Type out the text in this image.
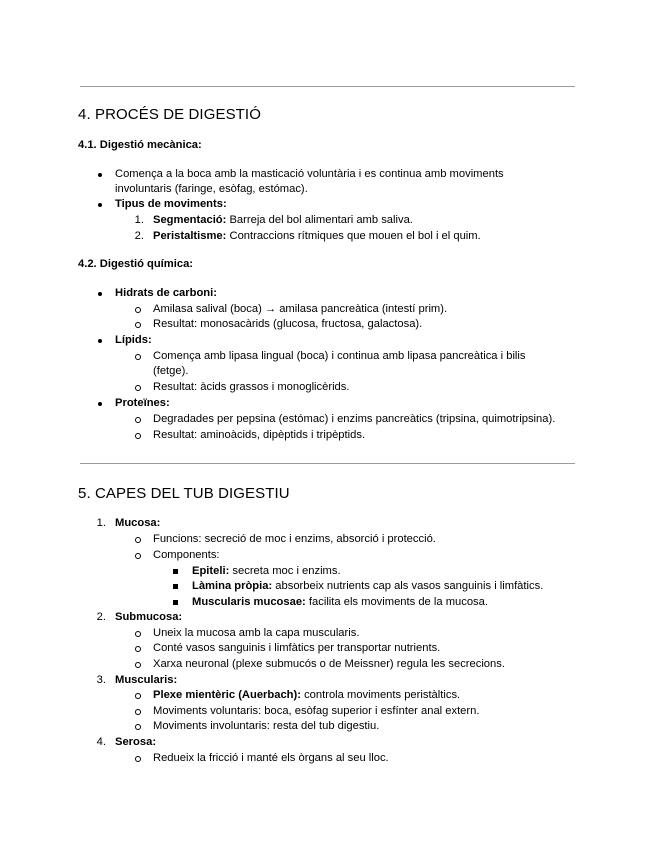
4. PROCÉS DE DIGESTIÓ
4.1. Digestió mecànica:
Comença a la boca amb la masticació voluntària i es continua amb moviments
involuntaris (faringe, esòfag, estómac).
Tipus de moviments:
1. Segmentació: Barreja del bol alimentari amb saliva.
2. Peristaltisme: Contraccions rítmiques que mouen el bol i el quim.
4.2. Digestió química:
Hidrats de carboni:
Amilasa salival (boca) → amilasa pancreàtica (intestí prim).
Resultat: monosacàrids (glucosa, fructosa, galactosa).
Lípids:
Comença amb lipasa lingual (boca) i continua amb lipasa pancreàtica i bilis
(fetge).
Resultat: àcids grassos i monoglicèrids.
Proteïnes:
Degradades per pepsina (estómac) i enzims pancreàtics (tripsina, quimotripsina).
Resultat: aminoàcids, dipèptids i tripèptids.
5. CAPES DEL TUB DIGESTIU
1. Mucosa:
Funcions: secreció de moc i enzims, absorció i protecció.
Components:
Epiteli: secreta moc i enzims.
Làmina pròpia: absorbeix nutrients cap als vasos sanguinis i limfàtics.
Muscularis mucosae: facilita els moviments de la mucosa.
2. Submucosa:
Uneix la mucosa amb la capa muscularis.
Conté vasos sanguinis i limfàtics per transportar nutrients.
Xarxa neuronal (plexe submucós o de Meissner) regula les secrecions.
3. Muscularis:
Plexe mientèric (Auerbach): controla moviments peristàltics.
Moviments voluntaris: boca, esòfag superior i esfínter anal extern.
Moviments involuntaris: resta del tub digestiu.
4. Serosa:
Redueix la fricció i manté els òrgans al seu lloc.
